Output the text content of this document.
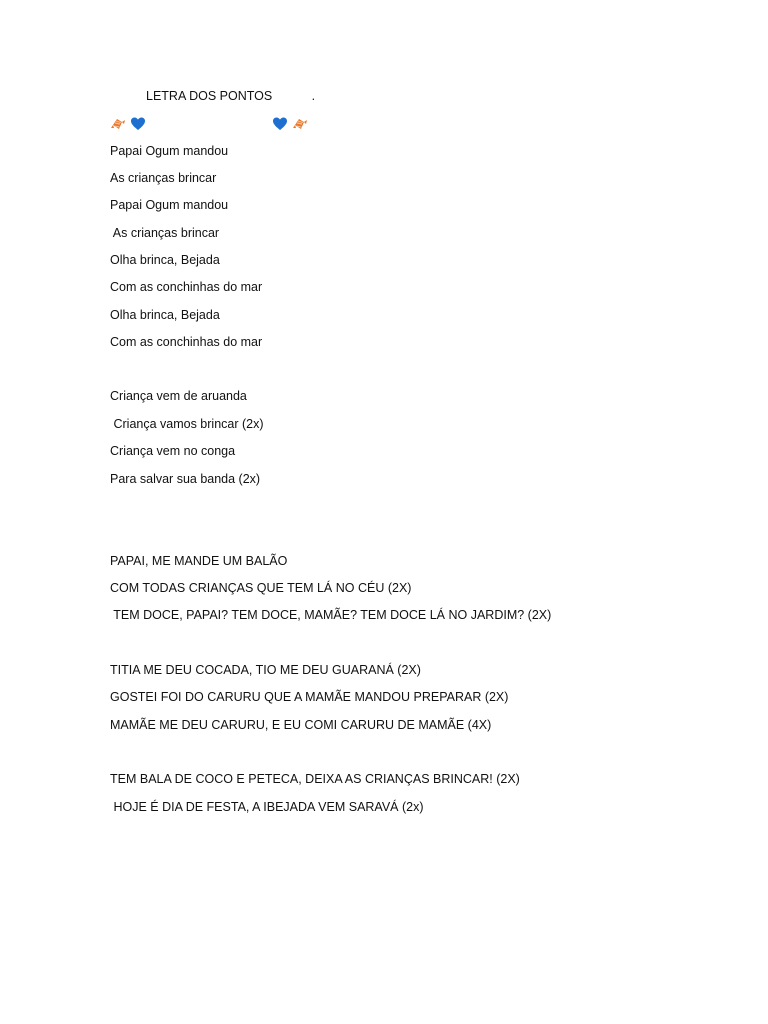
LETRA DOS PONTOS

	.
Papai Ogum mandou
As crianças brincar
Papai Ogum mandou
As crianças brincar
Olha brinca, Bejada
Com as conchinhas do mar
Olha brinca, Bejada
Com as conchinhas do mar
Criança vem de aruanda
Criança vamos brincar (2x)
Criança vem no conga
Para salvar sua banda (2x)
PAPAI, ME MANDE UM BALÃO
COM TODAS CRIANÇAS QUE TEM LÁ NO CÉU (2X)
TEM DOCE, PAPAI? TEM DOCE, MAMÃE? TEM DOCE LÁ NO JARDIM? (2X)
TITIA ME DEU COCADA, TIO ME DEU GUARANÁ (2X)
GOSTEI FOI DO CARURU QUE A MAMÃE MANDOU PREPARAR (2X)
MAMÃE ME DEU CARURU, E EU COMI CARURU DE MAMÃE (4X)
TEM BALA DE COCO E PETECA, DEIXA AS CRIANÇAS BRINCAR! (2X)
HOJE É DIA DE FESTA, A IBEJADA VEM SARAVÁ (2x)
